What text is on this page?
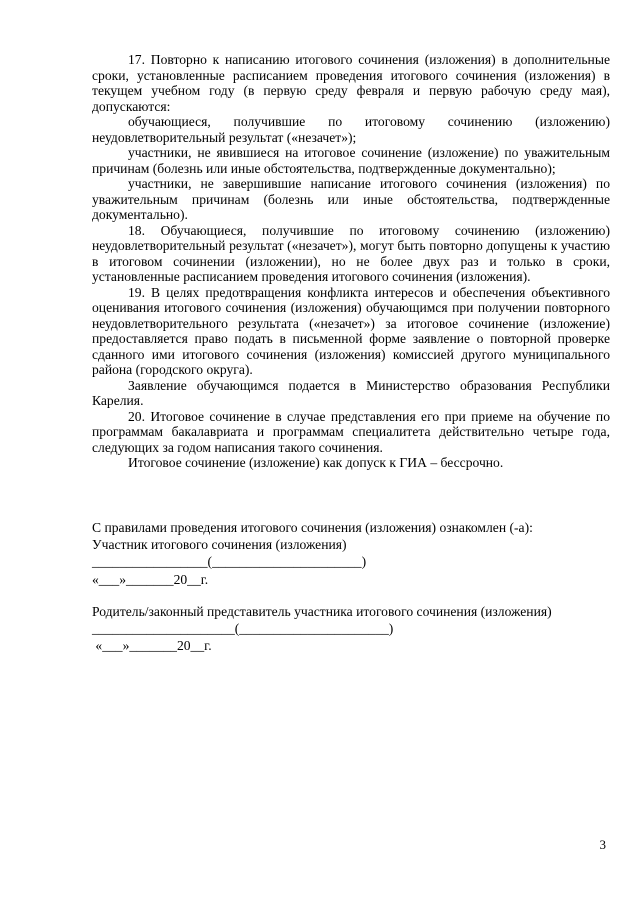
17. Повторно к написанию итогового сочинения (изложения) в дополнительные сроки, установленные расписанием проведения итогового сочинения (изложения) в текущем учебном году (в первую среду февраля и первую рабочую среду мая), допускаются:

обучающиеся, получившие по итоговому сочинению (изложению) неудовлетворительный результат («незачет»);

участники, не явившиеся на итоговое сочинение (изложение) по уважительным причинам (болезнь или иные обстоятельства, подтвержденные документально);

участники, не завершившие написание итогового сочинения (изложения) по уважительным причинам (болезнь или иные обстоятельства, подтвержденные документально).

18. Обучающиеся, получившие по итоговому сочинению (изложению) неудовлетворительный результат («незачет»), могут быть повторно допущены к участию в итоговом сочинении (изложении), но не более двух раз и только в сроки, установленные расписанием проведения итогового сочинения (изложения).

19. В целях предотвращения конфликта интересов и обеспечения объективного оценивания итогового сочинения (изложения) обучающимся при получении повторного неудовлетворительного результата («незачет») за итоговое сочинение (изложение) предоставляется право подать в письменной форме заявление о повторной проверке сданного ими итогового сочинения (изложения) комиссией другого муниципального района (городского округа).

Заявление обучающимся подается в Министерство образования Республики Карелия.

20. Итоговое сочинение в случае представления его при приеме на обучение по программам бакалавриата и программам специалитета действительно четыре года, следующих за годом написания такого сочинения.

Итоговое сочинение (изложение) как допуск к ГИА – бессрочно.

С правилами проведения итогового сочинения (изложения) ознакомлен (-а):
Участник итогового сочинения (изложения)
_________________(______________________)
«___»_______20__г.
Родитель/законный представитель участника итогового сочинения (изложения)
_____________________(______________________)
«___»_______20__г.
3
